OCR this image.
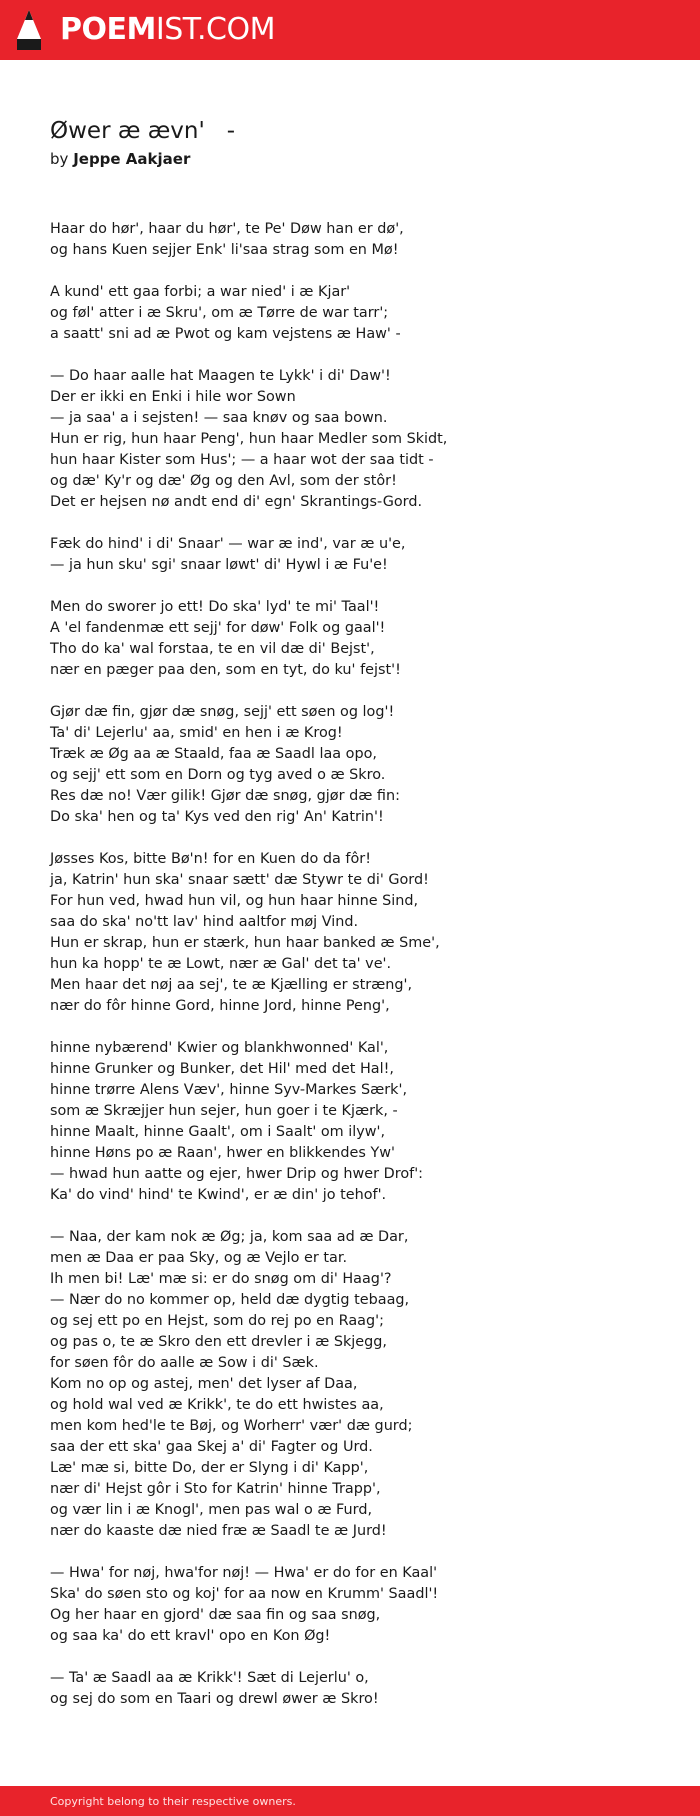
POEMIST.COM
Øwer æ ævn'   -
by Jeppe Aakjaer
Haar do hør', haar du hør', te Pe' Døw han er dø',
og hans Kuen sejjer Enk' li'saa strag som en Mø!
A kund' ett gaa forbi; a war nied' i æ Kjar'
og føl' atter i æ Skru', om æ Tørre de war tarr';
a saatt' sni ad æ Pwot og kam vejstens æ Haw' -
— Do haar aalle hat Maagen te Lykk' i di' Daw'!
Der er ikki en Enki i hile wor Sown
— ja saa' a i sejsten! — saa knøv og saa bown.
Hun er rig, hun haar Peng', hun haar Medler som Skidt,
hun haar Kister som Hus'; — a haar wot der saa tidt -
og dæ' Ky'r og dæ' Øg og den Avl, som der stôr!
Det er hejsen nø andt end di' egn' Skrantings-Gord.
Fæk do hind' i di' Snaar' — war æ ind', var æ u'e,
— ja hun sku' sgi' snaar løwt' di' Hywl i æ Fu'e!
Men do sworer jo ett! Do ska' lyd' te mi' Taal'!
A 'el fandenmæ ett sejj' for døw' Folk og gaal'!
Tho do ka' wal forstaa, te en vil dæ di' Bejst',
nær en pæger paa den, som en tyt, do ku' fejst'!
Gjør dæ fin, gjør dæ snøg, sejj' ett søen og log'!
Ta' di' Lejerlu' aa, smid' en hen i æ Krog!
Træk æ Øg aa æ Staald, faa æ Saadl laa opo,
og sejj' ett som en Dorn og tyg aved o æ Skro.
Res dæ no! Vær gilik! Gjør dæ snøg, gjør dæ fin:
Do ska' hen og ta' Kys ved den rig' An' Katrin'!
Jøsses Kos, bitte Bø'n! for en Kuen do da fôr!
ja, Katrin' hun ska' snaar sætt' dæ Stywr te di' Gord!
For hun ved, hwad hun vil, og hun haar hinne Sind,
saa do ska' no'tt lav' hind aaltfor møj Vind.
Hun er skrap, hun er stærk, hun haar banked æ Sme',
hun ka hopp' te æ Lowt, nær æ Gal' det ta' ve'.
Men haar det nøj aa sej', te æ Kjælling er stræng',
nær do fôr hinne Gord, hinne Jord, hinne Peng',
hinne nybærend' Kwier og blankhwonned' Kal',
hinne Grunker og Bunker, det Hil' med det Hal!,
hinne trørre Alens Væv', hinne Syv-Markes Særk',
som æ Skræjjer hun sejer, hun goer i te Kjærk, -
hinne Maalt, hinne Gaalt', om i Saalt' om ilyw',
hinne Høns po æ Raan', hwer en blikkendes Yw'
— hwad hun aatte og ejer, hwer Drip og hwer Drof':
Ka' do vind' hind' te Kwind', er æ din' jo tehof'.
— Naa, der kam nok æ Øg; ja, kom saa ad æ Dar,
men æ Daa er paa Sky, og æ Vejlo er tar.
Ih men bi! Læ' mæ si: er do snøg om di' Haag'?
— Nær do no kommer op, held dæ dygtig tebaag,
og sej ett po en Hejst, som do rej po en Raag';
og pas o, te æ Skro den ett drevler i æ Skjegg,
for søen fôr do aalle æ Sow i di' Sæk.
Kom no op og astej, men' det lyser af Daa,
og hold wal ved æ Krikk', te do ett hwistes aa,
men kom hed'le te Bøj, og Worherr' vær' dæ gurd;
saa der ett ska' gaa Skej a' di' Fagter og Urd.
Læ' mæ si, bitte Do, der er Slyng i di' Kapp',
nær di' Hejst gôr i Sto for Katrin' hinne Trapp',
og vær lin i æ Knogl', men pas wal o æ Furd,
nær do kaaste dæ nied fræ æ Saadl te æ Jurd!
— Hwa' for nøj, hwa'for nøj! — Hwa' er do for en Kaal'
Ska' do søen sto og koj' for aa now en Krumm' Saadl'!
Og her haar en gjord' dæ saa fin og saa snøg,
og saa ka' do ett kravl' opo en Kon Øg!
— Ta' æ Saadl aa æ Krikk'! Sæt di Lejerlu' o,
og sej do som en Taari og drewl øwer æ Skro!
Copyright belong to their respective owners.
